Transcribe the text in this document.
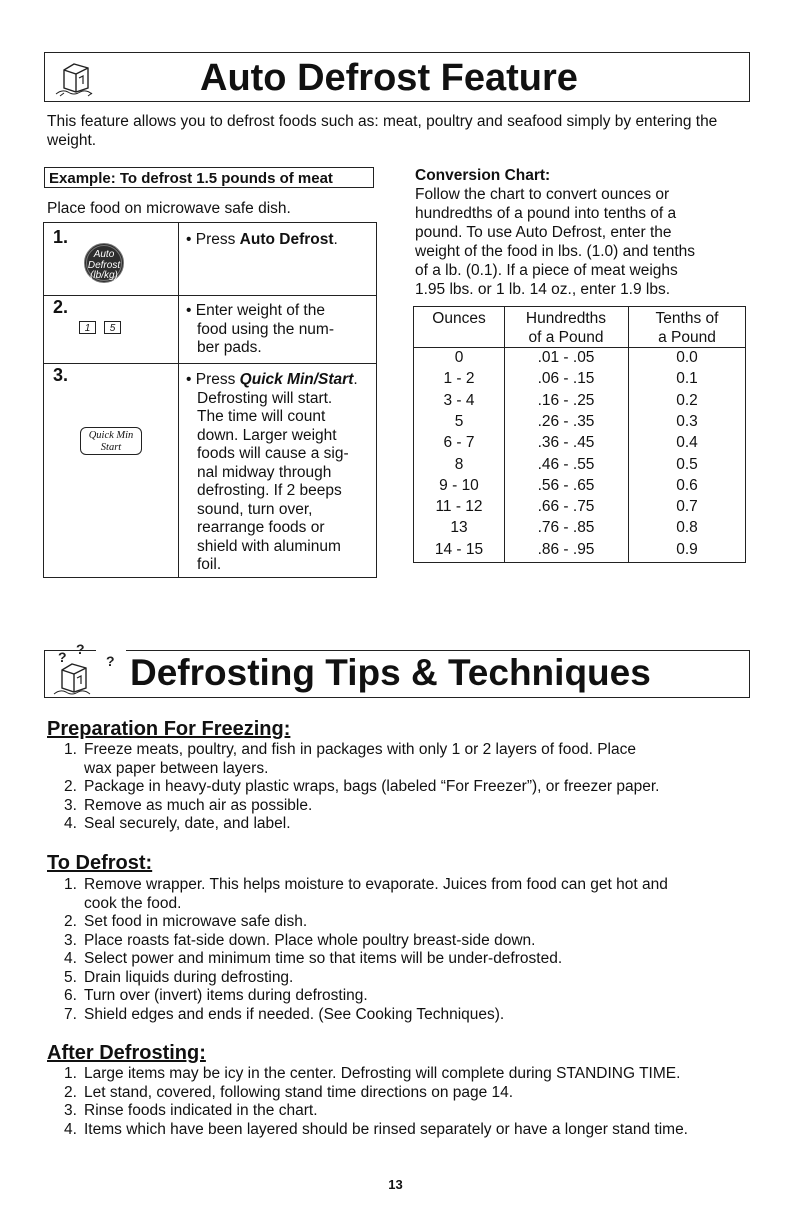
Auto Defrost Feature
This feature allows you to defrost foods such as: meat, poultry and seafood simply by entering the weight.
Example: To defrost 1.5 pounds of meat
Place food on microwave safe dish.
1.
Auto
Defrost
(lb/kg)
• Press Auto Defrost.
2.
1	5
• Enter weight of the
food using the num-
ber pads.
3.
Quick Min
Start
• Press Quick Min/Start.
Defrosting will start.
The time will count
down. Larger weight
foods will cause a sig-
nal midway through
defrosting. If 2 beeps
sound, turn over,
rearrange foods or
shield with aluminum
foil.
Conversion Chart:
Follow the chart to convert ounces or
hundredths of a pound into tenths of a
pound. To use Auto Defrost, enter the
weight of the food in lbs. (1.0) and tenths
of a lb. (0.1). If a piece of meat weighs
1.95 lbs. or 1 lb. 14 oz., enter 1.9 lbs.
Ounces	Hundredths
of a Pound
Tenths of
a Pound
0
1 - 2
3 - 4
5
6 - 7
8
9 - 10
11 - 12
13
14 - 15
.01 - .05
.06 - .15
.16 - .25
.26 - .35
.36 - .45
.46 - .55
.56 - .65
.66 - .75
.76 - .85
.86 - .95
0.0
0.1
0.2
0.3
0.4
0.5
0.6
0.7
0.8
0.9
? ?
? Defrosting Tips & Techniques
Preparation For Freezing:
1. Freeze meats, poultry, and fish in packages with only 1 or 2 layers of food. Place
wax paper between layers.
2. Package in heavy-duty plastic wraps, bags (labeled “For Freezer”), or freezer paper.
3. Remove as much air as possible.
4. Seal securely, date, and label.
To Defrost:
1. Remove wrapper. This helps moisture to evaporate. Juices from food can get hot and
cook the food.
2. Set food in microwave safe dish.
3. Place roasts fat-side down. Place whole poultry breast-side down.
4. Select power and minimum time so that items will be under-defrosted.
5. Drain liquids during defrosting.
6. Turn over (invert) items during defrosting.
7. Shield edges and ends if needed. (See Cooking Techniques).
After Defrosting:
1. Large items may be icy in the center. Defrosting will complete during STANDING TIME.
2. Let stand, covered, following stand time directions on page 14.
3. Rinse foods indicated in the chart.
4. Items which have been layered should be rinsed separately or have a longer stand time.
13
